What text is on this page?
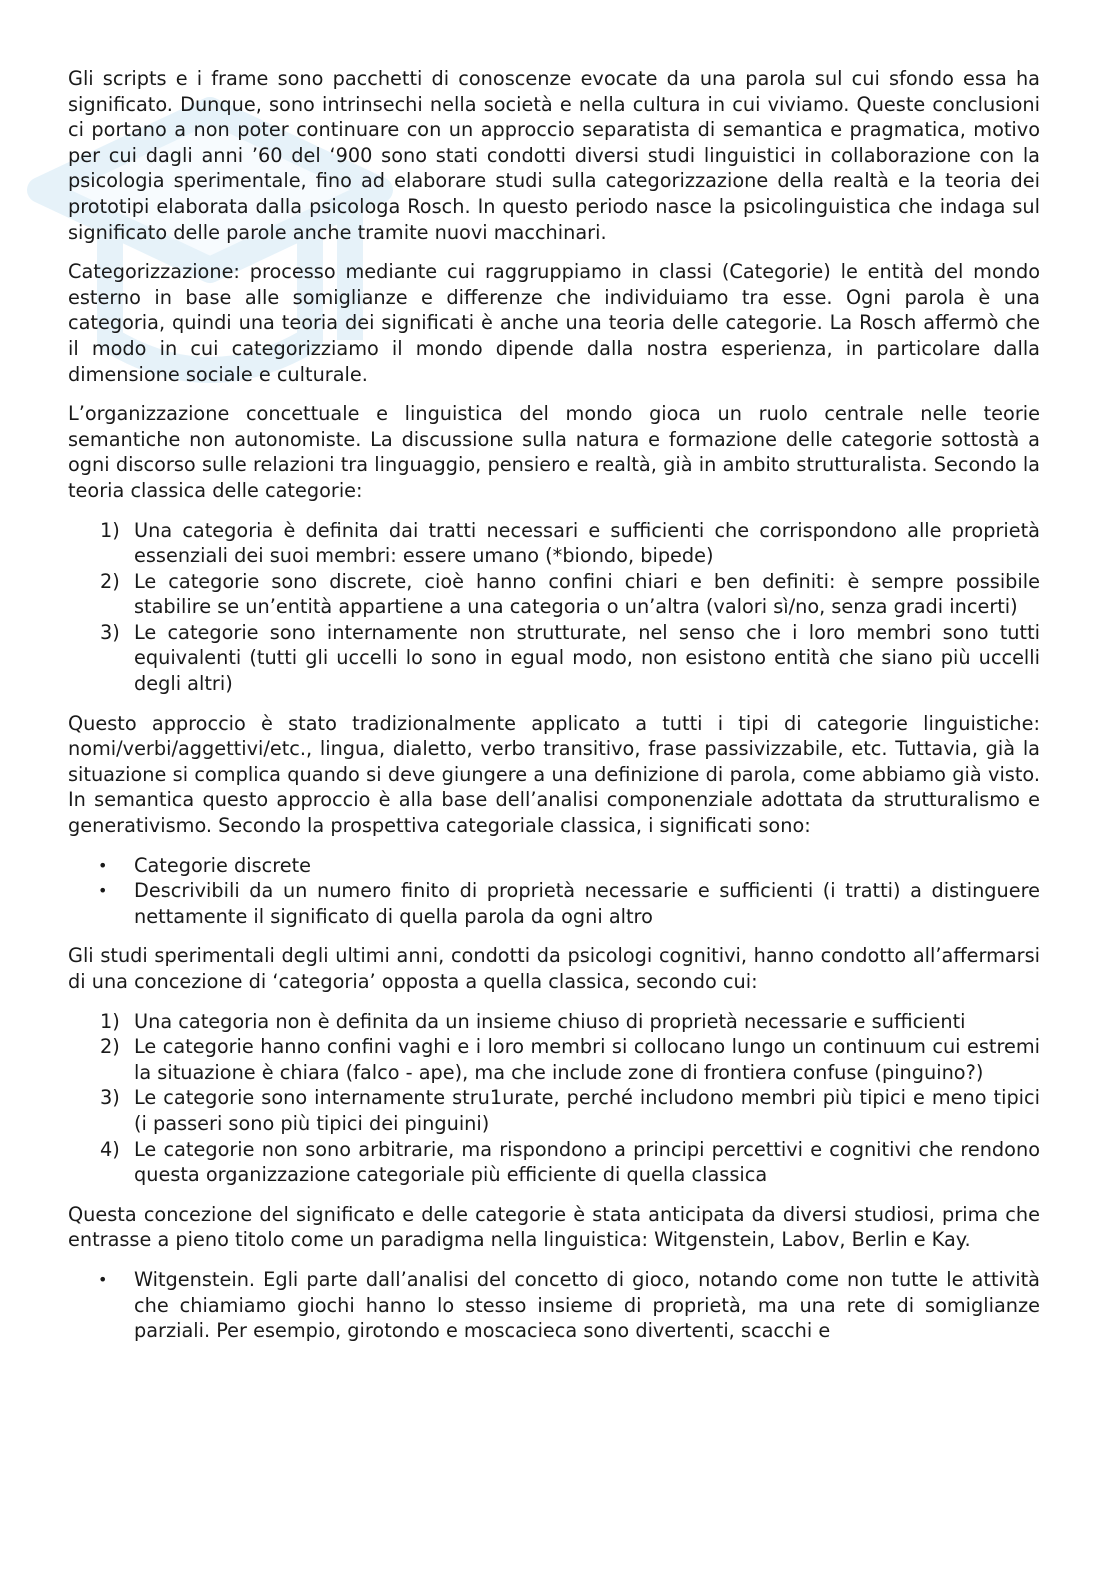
Gli scripts e i frame sono pacchetti di conoscenze evocate da una parola sul cui sfondo essa ha significato. Dunque, sono intrinsechi nella società e nella cultura in cui viviamo. Queste conclusioni ci portano a non poter continuare con un approccio separatista di semantica e pragmatica, motivo per cui dagli anni ’60 del ‘900 sono stati condotti diversi studi linguistici in collaborazione con la psicologia sperimentale, fino ad elaborare studi sulla categorizzazione della realtà e la teoria dei prototipi elaborata dalla psicologa Rosch. In questo periodo nasce la psicolinguistica che indaga sul significato delle parole anche tramite nuovi macchinari.

Categorizzazione: processo mediante cui raggruppiamo in classi (Categorie) le entità del mondo esterno in base alle somiglianze e differenze che individuiamo tra esse. Ogni parola è una categoria, quindi una teoria dei significati è anche una teoria delle categorie. La Rosch affermò che il modo in cui categorizziamo il mondo dipende dalla nostra esperienza, in particolare dalla dimensione sociale e culturale.

L’organizzazione concettuale e linguistica del mondo gioca un ruolo centrale nelle teorie semantiche non autonomiste. La discussione sulla natura e formazione delle categorie sottostà a ogni discorso sulle relazioni tra linguaggio, pensiero e realtà, già in ambito strutturalista. Secondo la teoria classica delle categorie:

1) Una categoria è definita dai tratti necessari e sufficienti che corrispondono alle proprietà essenziali dei suoi membri: essere umano (*biondo, bipede)
2) Le categorie sono discrete, cioè hanno confini chiari e ben definiti: è sempre possibile stabilire se un’entità appartiene a una categoria o un’altra (valori sì/no, senza gradi incerti)
3) Le categorie sono internamente non strutturate, nel senso che i loro membri sono tutti equivalenti (tutti gli uccelli lo sono in egual modo, non esistono entità che siano più uccelli degli altri)

Questo approccio è stato tradizionalmente applicato a tutti i tipi di categorie linguistiche: nomi/verbi/aggettivi/etc., lingua, dialetto, verbo transitivo, frase passivizzabile, etc. Tuttavia, già la situazione si complica quando si deve giungere a una definizione di parola, come abbiamo già visto. In semantica questo approccio è alla base dell’analisi componenziale adottata da strutturalismo e generativismo. Secondo la prospettiva categoriale classica, i significati sono:

• Categorie discrete
• Descrivibili da un numero finito di proprietà necessarie e sufficienti (i tratti) a distinguere nettamente il significato di quella parola da ogni altro

Gli studi sperimentali degli ultimi anni, condotti da psicologi cognitivi, hanno condotto all’affermarsi di una concezione di ‘categoria’ opposta a quella classica, secondo cui:

1) Una categoria non è definita da un insieme chiuso di proprietà necessarie e sufficienti
2) Le categorie hanno confini vaghi e i loro membri si collocano lungo un continuum cui estremi la situazione è chiara (falco - ape), ma che include zone di frontiera confuse (pinguino?)
3) Le categorie sono internamente stru1urate, perché includono membri più tipici e meno tipici (i passeri sono più tipici dei pinguini)
4) Le categorie non sono arbitrarie, ma rispondono a principi percettivi e cognitivi che rendono questa organizzazione categoriale più efficiente di quella classica

Questa concezione del significato e delle categorie è stata anticipata da diversi studiosi, prima che entrasse a pieno titolo come un paradigma nella linguistica: Witgenstein, Labov, Berlin e Kay.

• Witgenstein. Egli parte dall’analisi del concetto di gioco, notando come non tutte le attività che chiamiamo giochi hanno lo stesso insieme di proprietà, ma una rete di somiglianze parziali. Per esempio, girotondo e moscacieca sono divertenti, scacchi e
